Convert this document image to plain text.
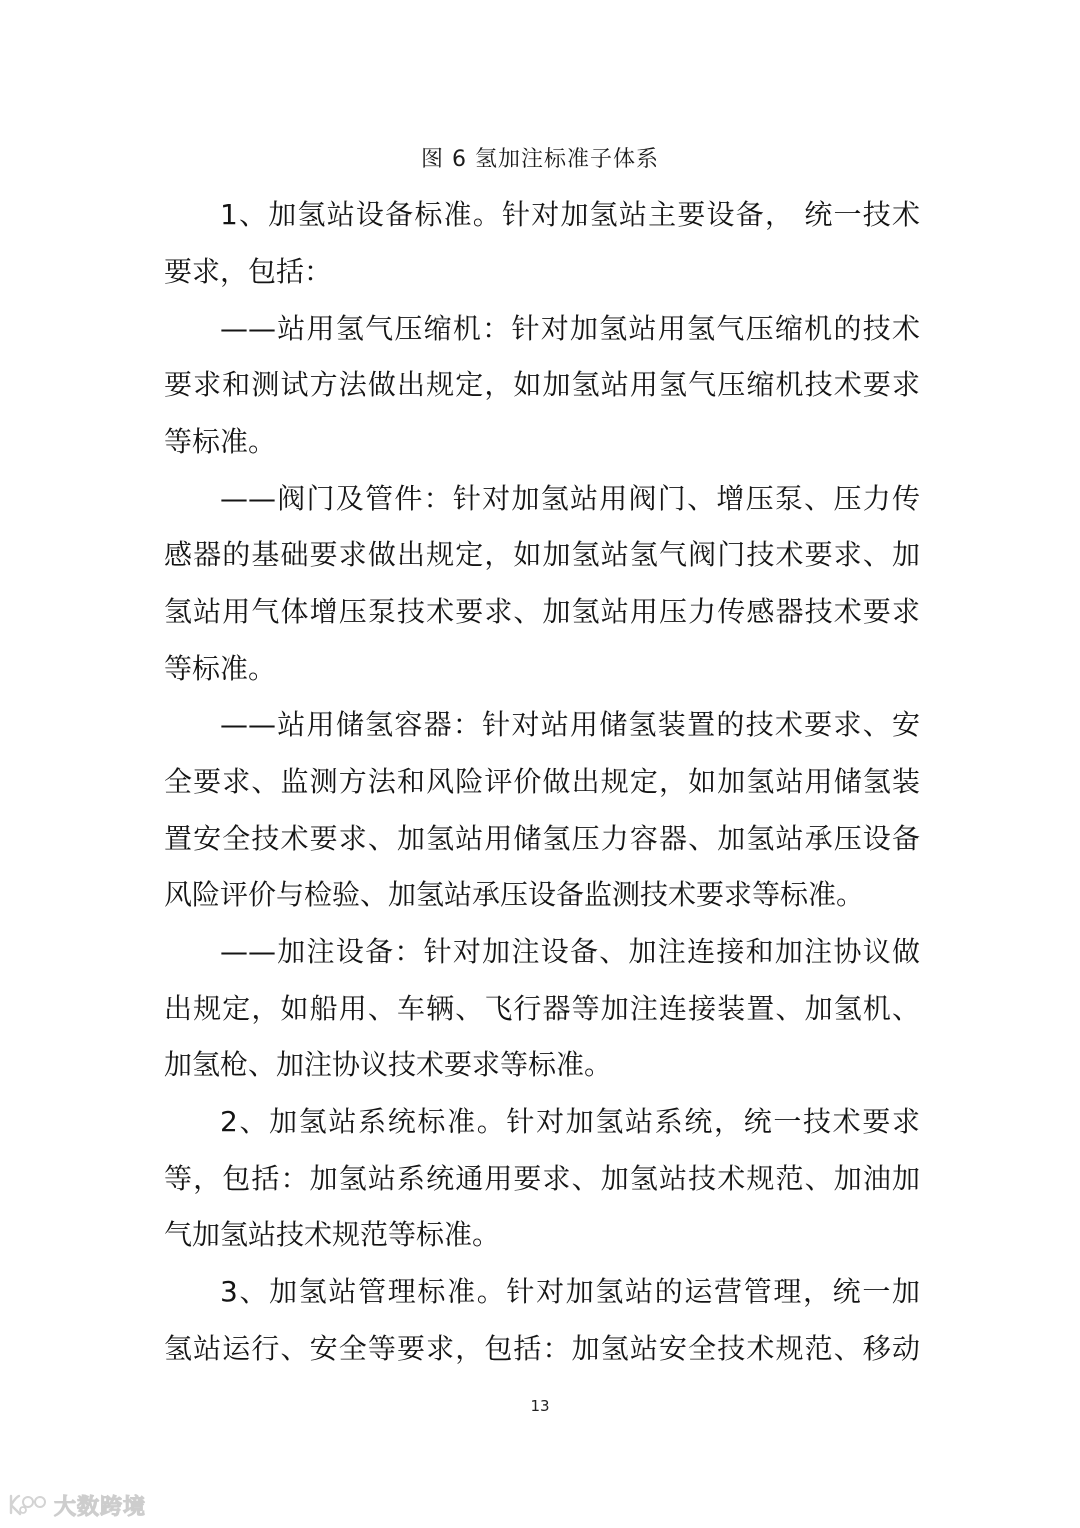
图 6 氢加注标准子体系
1、加氢站设备标准。针对加氢站主要设备， 统一技术
要求，包括：
——站用氢气压缩机：针对加氢站用氢气压缩机的技术
要求和测试方法做出规定，如加氢站用氢气压缩机技术要求
等标准。
——阀门及管件：针对加氢站用阀门、增压泵、压力传
感器的基础要求做出规定，如加氢站氢气阀门技术要求、加
氢站用气体增压泵技术要求、加氢站用压力传感器技术要求
等标准。
——站用储氢容器：针对站用储氢装置的技术要求、安
全要求、监测方法和风险评价做出规定，如加氢站用储氢装
置安全技术要求、加氢站用储氢压力容器、加氢站承压设备
风险评价与检验、加氢站承压设备监测技术要求等标准。
——加注设备：针对加注设备、加注连接和加注协议做
出规定，如船用、车辆、飞行器等加注连接装置、加氢机、
加氢枪、加注协议技术要求等标准。
2、加氢站系统标准。针对加氢站系统，统一技术要求
等，包括：加氢站系统通用要求、加氢站技术规范、加油加
气加氢站技术规范等标准。
3、加氢站管理标准。针对加氢站的运营管理，统一加
氢站运行、安全等要求，包括：加氢站安全技术规范、移动
13
大数跨境
